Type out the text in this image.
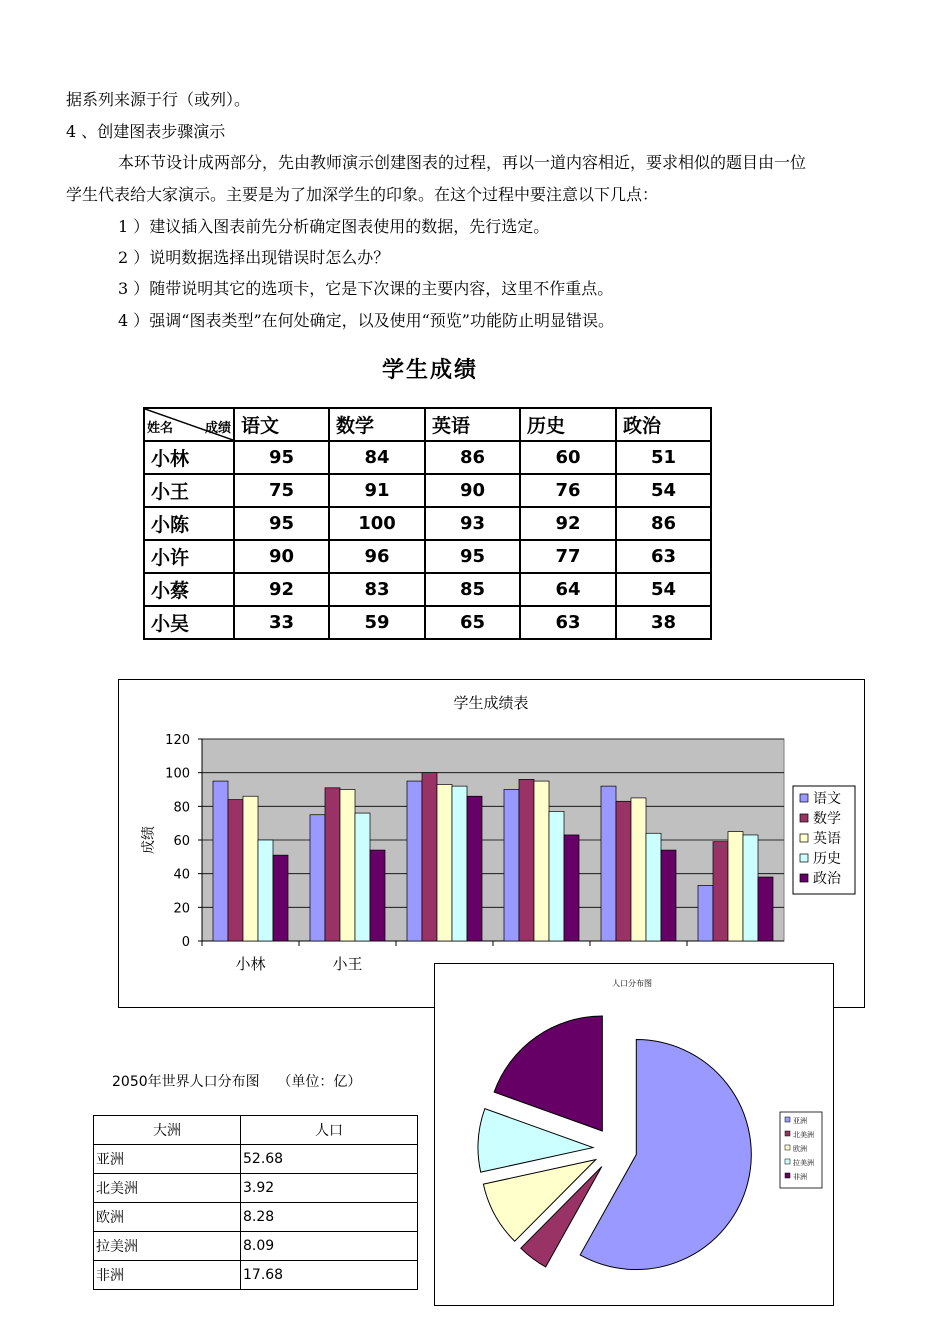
据系列来源于行（或列）。
4 、创建图表步骤演示
本环节设计成两部分，先由教师演示创建图表的过程，再以一道内容相近，要求相似的题目由一位
学生代表给大家演示。主要是为了加深学生的印象。在这个过程中要注意以下几点：
1 ）建议插入图表前先分析确定图表使用的数据，先行选定。
2 ）说明数据选择出现错误时怎么办？
3 ）随带说明其它的选项卡，它是下次课的主要内容，这里不作重点。
4 ）强调“图表类型”在何处确定，以及使用“预览”功能防止明显错误。
学生成绩
姓名 成绩	语文	数学	英语	历史	政治
小林	95	84	86	60	51
小王	75	91	90	76	54
小陈	95	100	93	92	86
小许	90	96	95	77	63
小蔡	92	83	85	64	54
小吴	33	59	65	63	38
学生成绩表
0
20
40
60
80
100
120
成绩
小林	小王
语文
数学
英语
历史
政治
人口分布图
亚洲
北美洲
欧洲
拉美洲
非洲
2050年世界人口分布图    （单位：亿）
大洲	人口
亚洲	52.68
北美洲	3.92
欧洲	8.28
拉美洲	8.09
非洲	17.68
